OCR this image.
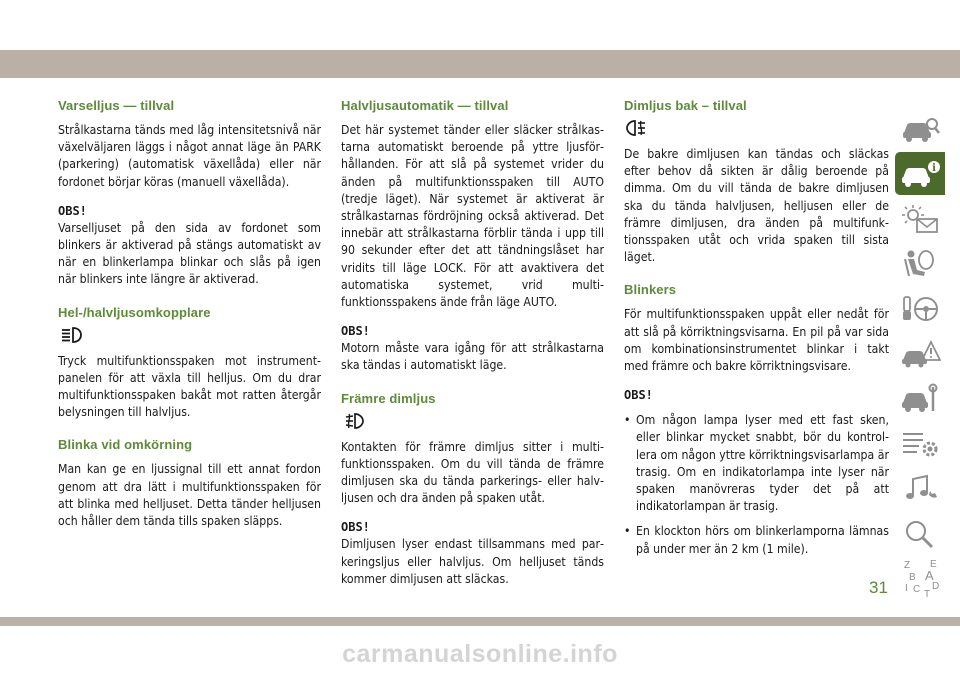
Varselljus — tillval

Strålkastarna tänds med låg intensitetsnivå när växelväljaren läggs i något annat läge än PARK (parkering) (automatisk växellåda) eller när fordonet börjar köras (manuell växellåda).

OBS!

Varselljuset på den sida av fordonet som blinkers är aktiverad på stängs automatiskt av när en blinkerlampa blinkar och slås på igen när blinkers inte längre är aktiverad.

Hel-/halvljusomkopplare

Tryck multifunktionsspaken mot instrumentpanelen för att växla till helljus. Om du drar multifunktionsspaken bakåt mot ratten återgår belysningen till halvljus.

Blinka vid omkörning

Man kan ge en ljussignal till ett annat fordon genom att dra lätt i multifunktionsspaken för att blinka med helljuset. Detta tänder helljusen och håller dem tända tills spaken släpps.

Halvljusautomatik — tillval

Det här systemet tänder eller släcker strålkastarna automatiskt beroende på yttre ljusförhållanden. För att slå på systemet vrider du änden på multifunktionsspaken till AUTO (tredje läget). När systemet är aktiverat är strålkastarnas fördröjning också aktiverad. Det innebär att strålkastarna förblir tända i upp till 90 sekunder efter det att tändningslåset har vridits till läge LOCK. För att avaktivera det automatiska systemet, vrid multifunktionsspakens ände från läge AUTO.

OBS!

Motorn måste vara igång för att strålkastarna ska tändas i automatiskt läge.

Främre dimljus

Kontakten för främre dimljus sitter i multifunktionsspaken. Om du vill tända de främre dimljusen ska du tända parkerings- eller halvljusen och dra änden på spaken utåt.

OBS!

Dimljusen lyser endast tillsammans med parkeringsljus eller halvljus. Om helljuset tänds kommer dimljusen att släckas.

Dimljus bak – tillval

De bakre dimljusen kan tändas och släckas efter behov då sikten är dålig beroende på dimma. Om du vill tända de bakre dimljusen ska du tända halvljusen, helljusen eller de främre dimljusen, dra änden på multifunktionsspaken utåt och vrida spaken till sista läget.

Blinkers

För multifunktionsspaken uppåt eller nedåt för att slå på körriktningsvisarna. En pil på var sida om kombinationsinstrumentet blinkar i takt med främre och bakre körriktningsvisare.

OBS!
• Om någon lampa lyser med ett fast sken, eller blinkar mycket snabbt, bör du kontrollera om någon yttre körriktningsvisarlampa är trasig. Om en indikatorlampa inte lyser när spaken manövreras tyder det på att indikatorlampan är trasig.
• En klockton hörs om blinkerlamporna lämnas på under mer än 2 km (1 mile).
i
Z E
B A
C D
T
I
31
carmanualsonline.info
